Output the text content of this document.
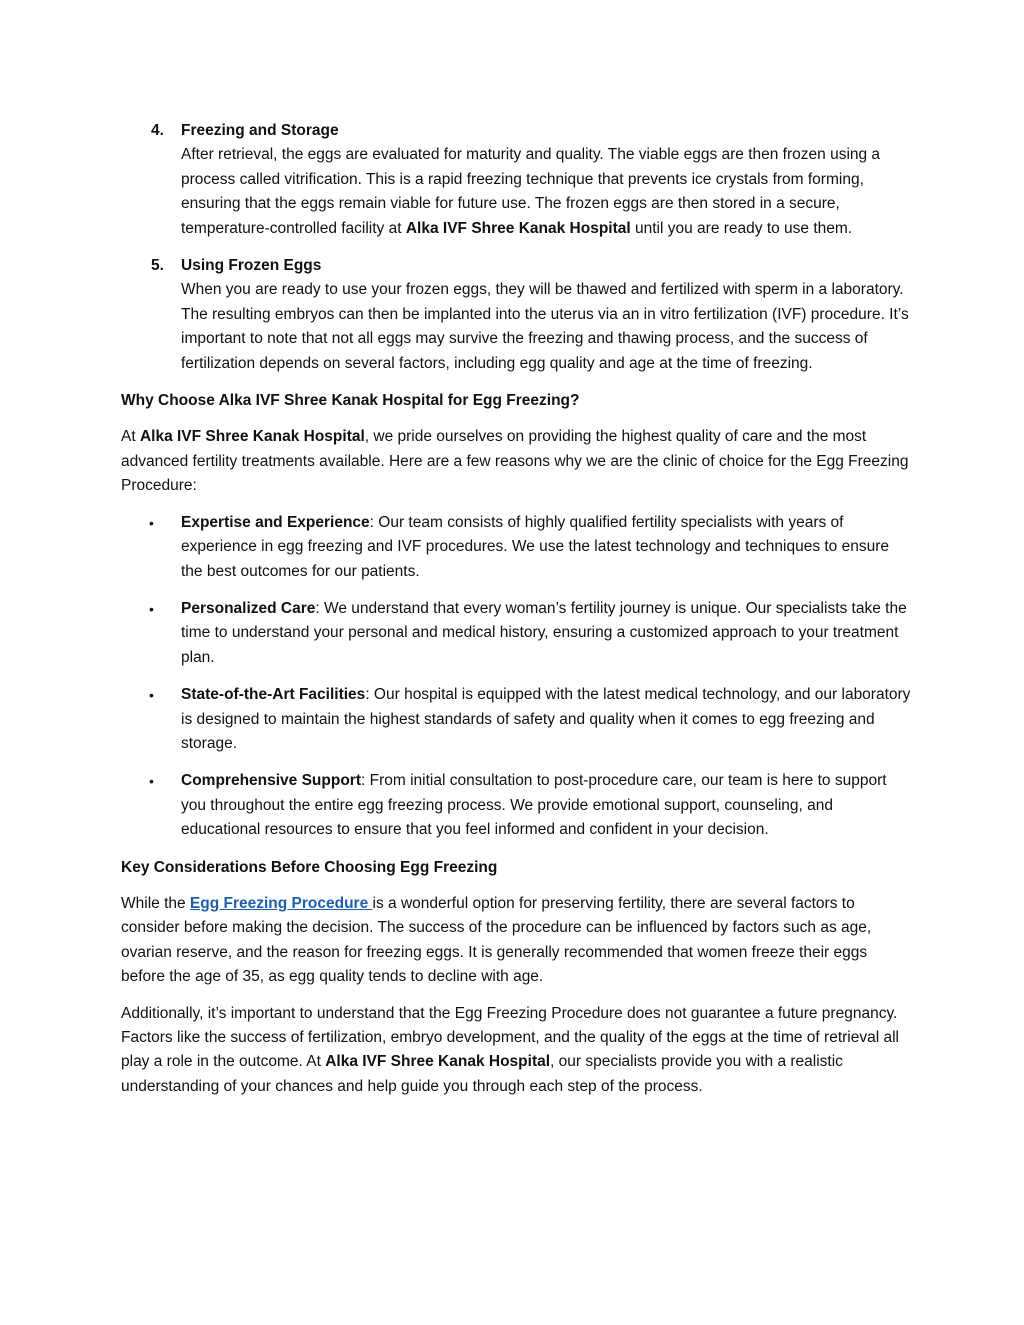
4.	Freezing and Storage
After retrieval, the eggs are evaluated for maturity and quality. The viable eggs are then frozen using a process called vitrification. This is a rapid freezing technique that prevents ice crystals from forming, ensuring that the eggs remain viable for future use. The frozen eggs are then stored in a secure, temperature-controlled facility at Alka IVF Shree Kanak Hospital until you are ready to use them.
5.	Using Frozen Eggs
When you are ready to use your frozen eggs, they will be thawed and fertilized with sperm in a laboratory. The resulting embryos can then be implanted into the uterus via an in vitro fertilization (IVF) procedure. It’s important to note that not all eggs may survive the freezing and thawing process, and the success of fertilization depends on several factors, including egg quality and age at the time of freezing.
Why Choose Alka IVF Shree Kanak Hospital for Egg Freezing?

At Alka IVF Shree Kanak Hospital, we pride ourselves on providing the highest quality of care and the most advanced fertility treatments available. Here are a few reasons why we are the clinic of choice for the Egg Freezing Procedure:

•	Expertise and Experience: Our team consists of highly qualified fertility specialists with years of experience in egg freezing and IVF procedures. We use the latest technology and techniques to ensure the best outcomes for our patients.
•	Personalized Care: We understand that every woman’s fertility journey is unique. Our specialists take the time to understand your personal and medical history, ensuring a customized approach to your treatment plan.
•	State-of-the-Art Facilities: Our hospital is equipped with the latest medical technology, and our laboratory is designed to maintain the highest standards of safety and quality when it comes to egg freezing and storage.
•	Comprehensive Support: From initial consultation to post-procedure care, our team is here to support you throughout the entire egg freezing process. We provide emotional support, counseling, and educational resources to ensure that you feel informed and confident in your decision.
Key Considerations Before Choosing Egg Freezing

While the Egg Freezing Procedure is a wonderful option for preserving fertility, there are several factors to consider before making the decision. The success of the procedure can be influenced by factors such as age, ovarian reserve, and the reason for freezing eggs. It is generally recommended that women freeze their eggs before the age of 35, as egg quality tends to decline with age.

Additionally, it’s important to understand that the Egg Freezing Procedure does not guarantee a future pregnancy. Factors like the success of fertilization, embryo development, and the quality of the eggs at the time of retrieval all play a role in the outcome. At Alka IVF Shree Kanak Hospital, our specialists provide you with a realistic understanding of your chances and help guide you through each step of the process.
